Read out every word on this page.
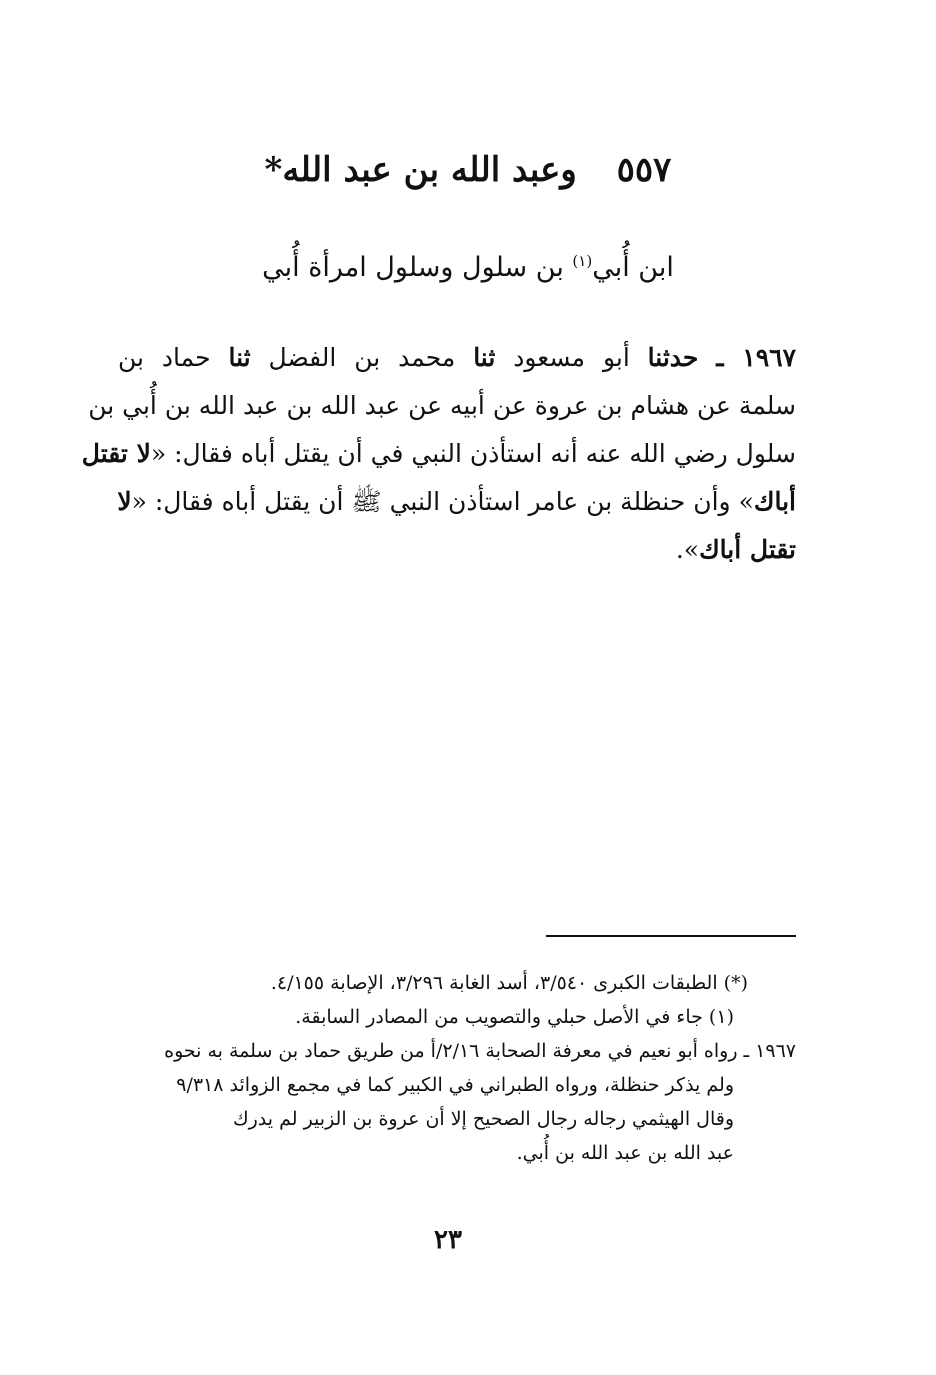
٥٥٧ وعبد الله بن عبد الله*
ابن أُبي$^{(١)}$ بن سلول وسلول امرأة أُبي
١٩٦٧ ـ حدثنا أبو مسعود ثنا محمد بن الفضل ثنا حماد بن
سلمة عن هشام بن عروة عن أبيه عن عبد الله بن عبد الله بن أُبي بن
سلول رضي الله عنه أنه استأذن النبي في أن يقتل أباه فقال: «لا تقتل
أباك» وأن حنظلة بن عامر استأذن النبي ﷺ أن يقتل أباه فقال: «لا
تقتل أباك».
(*) الطبقات الكبرى ٣/٥٤٠، أسد الغابة ٣/٢٩٦، الإصابة ٤/١٥٥.
(١) جاء في الأصل حبلي والتصويب من المصادر السابقة.
١٩٦٧ ـ رواه أبو نعيم في معرفة الصحابة ٢/١٦/أ من طريق حماد بن سلمة به نحوه
ولم يذكر حنظلة، ورواه الطبراني في الكبير كما في مجمع الزوائد ٩/٣١٨
وقال الهيثمي رجاله رجال الصحيح إلا أن عروة بن الزبير لم يدرك
عبد الله بن عبد الله بن أُبي.
٢٣
